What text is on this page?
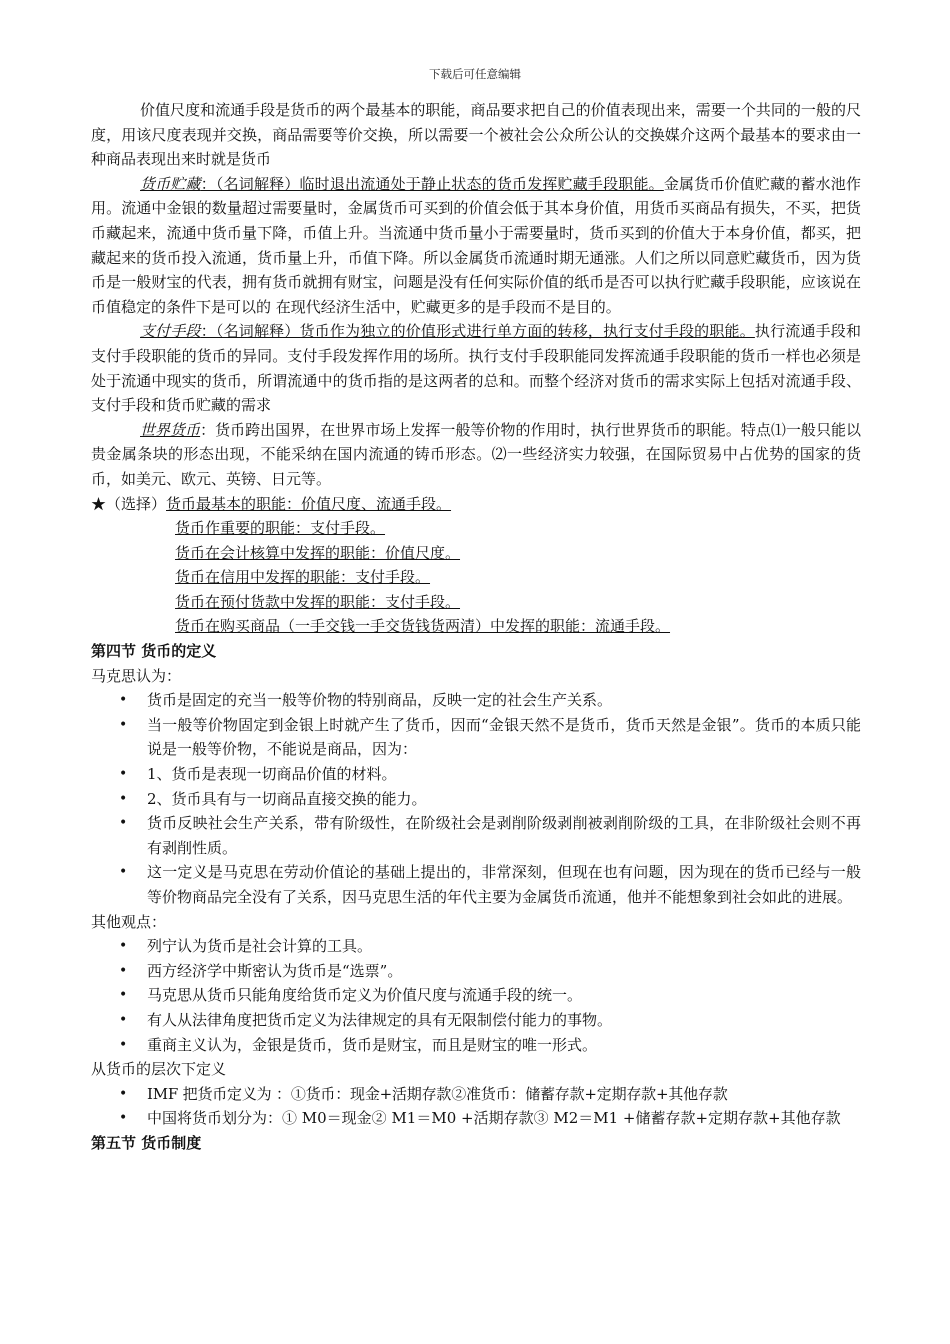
下载后可任意编辑

价值尺度和流通手段是货币的两个最基本的职能，商品要求把自己的价值表现出来，需要一个共同的一般的尺度，用该尺度表现并交换，商品需要等价交换，所以需要一个被社会公众所公认的交换媒介这两个最基本的要求由一种商品表现出来时就是货币

货币贮藏：（名词解释）临时退出流通处于静止状态的货币发挥贮藏手段职能。金属货币价值贮藏的蓄水池作用。流通中金银的数量超过需要量时，金属货币可买到的价值会低于其本身价值，用货币买商品有损失，不买，把货币藏起来，流通中货币量下降，币值上升。当流通中货币量小于需要量时，货币买到的价值大于本身价值，都买，把藏起来的货币投入流通，货币量上升，币值下降。所以金属货币流通时期无通涨。人们之所以同意贮藏货币，因为货币是一般财宝的代表，拥有货币就拥有财宝，问题是没有任何实际价值的纸币是否可以执行贮藏手段职能，应该说在币值稳定的条件下是可以的 在现代经济生活中，贮藏更多的是手段而不是目的。

支付手段：（名词解释）货币作为独立的价值形式进行单方面的转移，执行支付手段的职能。执行流通手段和支付手段职能的货币的异同。支付手段发挥作用的场所。执行支付手段职能同发挥流通手段职能的货币一样也必须是处于流通中现实的货币，所谓流通中的货币指的是这两者的总和。而整个经济对货币的需求实际上包括对流通手段、支付手段和货币贮藏的需求

世界货币：货币跨出国界，在世界市场上发挥一般等价物的作用时，执行世界货币的职能。特点⑴一般只能以贵金属条块的形态出现，不能采纳在国内流通的铸币形态。⑵一些经济实力较强，在国际贸易中占优势的国家的货币，如美元、欧元、英镑、日元等。

★（选择）货币最基本的职能：价值尺度、流通手段。

货币作重要的职能：支付手段。

货币在会计核算中发挥的职能：价值尺度。

货币在信用中发挥的职能：支付手段。

货币在预付货款中发挥的职能：支付手段。

货币在购买商品（一手交钱一手交货钱货两清）中发挥的职能：流通手段。

第四节 货币的定义

马克思认为：

• 货币是固定的充当一般等价物的特别商品，反映一定的社会生产关系。
• 当一般等价物固定到金银上时就产生了货币，因而“金银天然不是货币，货币天然是金银”。货币的本质只能说是一般等价物，不能说是商品，因为：
• 1、货币是表现一切商品价值的材料。
• 2、货币具有与一切商品直接交换的能力。
• 货币反映社会生产关系，带有阶级性，在阶级社会是剥削阶级剥削被剥削阶级的工具，在非阶级社会则不再有剥削性质。
• 这一定义是马克思在劳动价值论的基础上提出的，非常深刻，但现在也有问题，因为现在的货币已经与一般等价物商品完全没有了关系，因马克思生活的年代主要为金属货币流通，他并不能想象到社会如此的进展。

其他观点：

• 列宁认为货币是社会计算的工具。
• 西方经济学中斯密认为货币是“选票”。
• 马克思从货币只能角度给货币定义为价值尺度与流通手段的统一。
• 有人从法律角度把货币定义为法律规定的具有无限制偿付能力的事物。
• 重商主义认为，金银是货币，货币是财宝，而且是财宝的唯一形式。

从货币的层次下定义

• IMF 把货币定义为 ：①货币：现金+活期存款②准货币：储蓄存款+定期存款+其他存款
• 中国将货币划分为：① M0＝现金② M1＝M0 +活期存款③ M2＝M1 +储蓄存款+定期存款+其他存款

第五节 货币制度
